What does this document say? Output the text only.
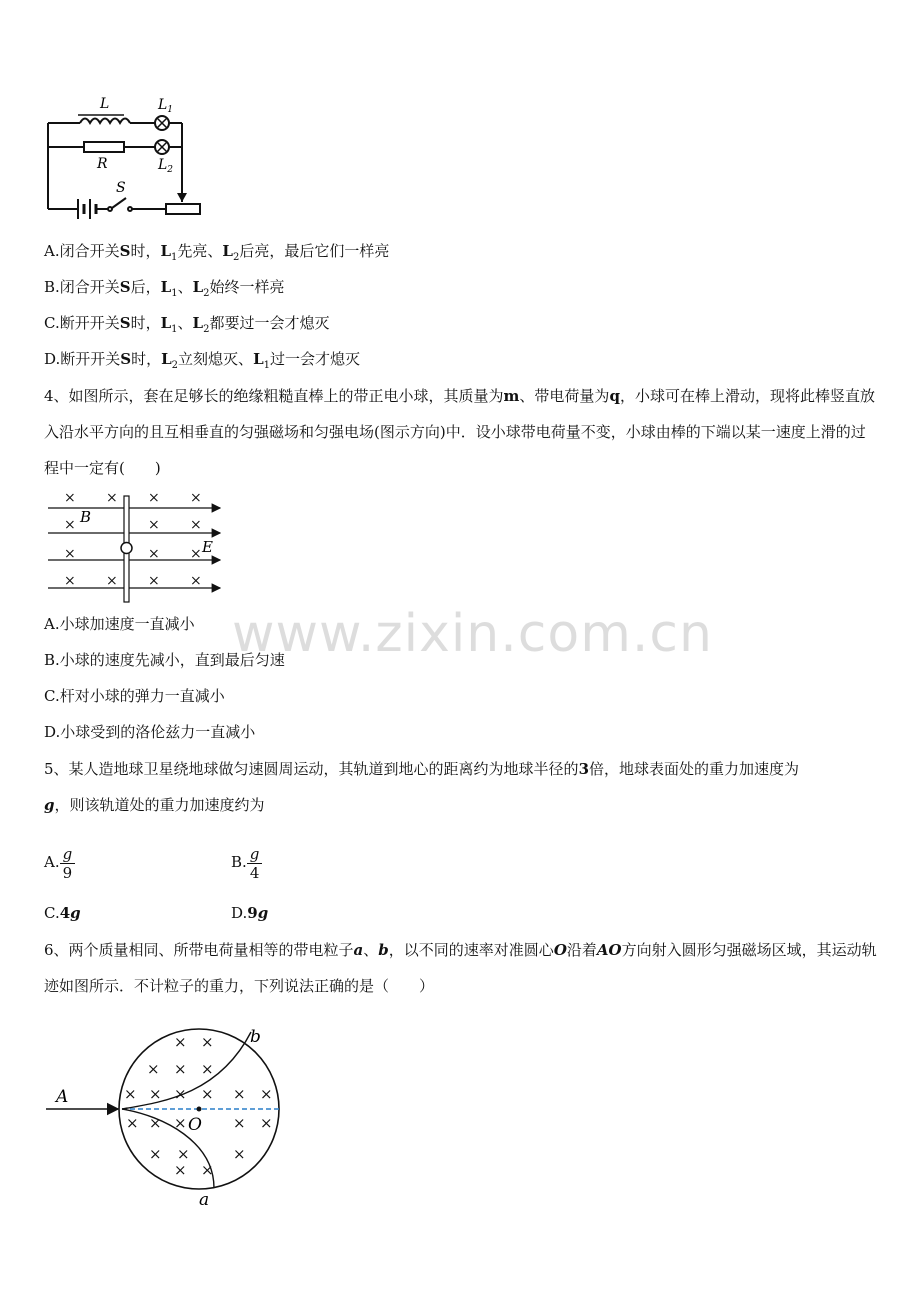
L	$L_1$
R	$L_2$
S
A.闭合开关S时，$L_1$先亮、$L_2$后亮，最后它们一样亮
B.闭合开关S后，$L_1$、$L_2$始终一样亮
C.断开开关S时，$L_1$、$L_2$都要过一会才熄灭
D.断开开关S时，$L_2$立刻熄灭、$L_1$过一会才熄灭
4、如图所示，套在足够长的绝缘粗糙直棒上的带正电小球，其质量为m、带电荷量为q，小球可在棒上滑动，现将此棒竖直放入沿水平方向的且互相垂直的匀强磁场和匀强电场(图示方向)中．设小球带电荷量不变，小球由棒的下端以某一速度上滑的过程中一定有(　　)
× × × ×
×	× ×
×	× ×
× × × ×
B
E
A.小球加速度一直减小
B.小球的速度先减小，直到最后匀速
C.杆对小球的弹力一直减小
D.小球受到的洛伦兹力一直减小
www.zixin.com.cn
5、某人造地球卫星绕地球做匀速圆周运动，其轨道到地心的距离约为地球半径的3倍，地球表面处的重力加速度为
g，则该轨道处的重力加速度约为
A. $\frac{g}{9}$	B. $\frac{g}{4}$
C.4g	D.9g
6、两个质量相同、所带电荷量相等的带电粒子a、b，以不同的速率对准圆心O沿着AO方向射入圆形匀强磁场区域，其运动轨迹如图所示．不计粒子的重力，下列说法正确的是（　　）
× ×
× × ×
× × × × × ×
× × ×	× ×
× ×	×
× ×
A
O
b
a
